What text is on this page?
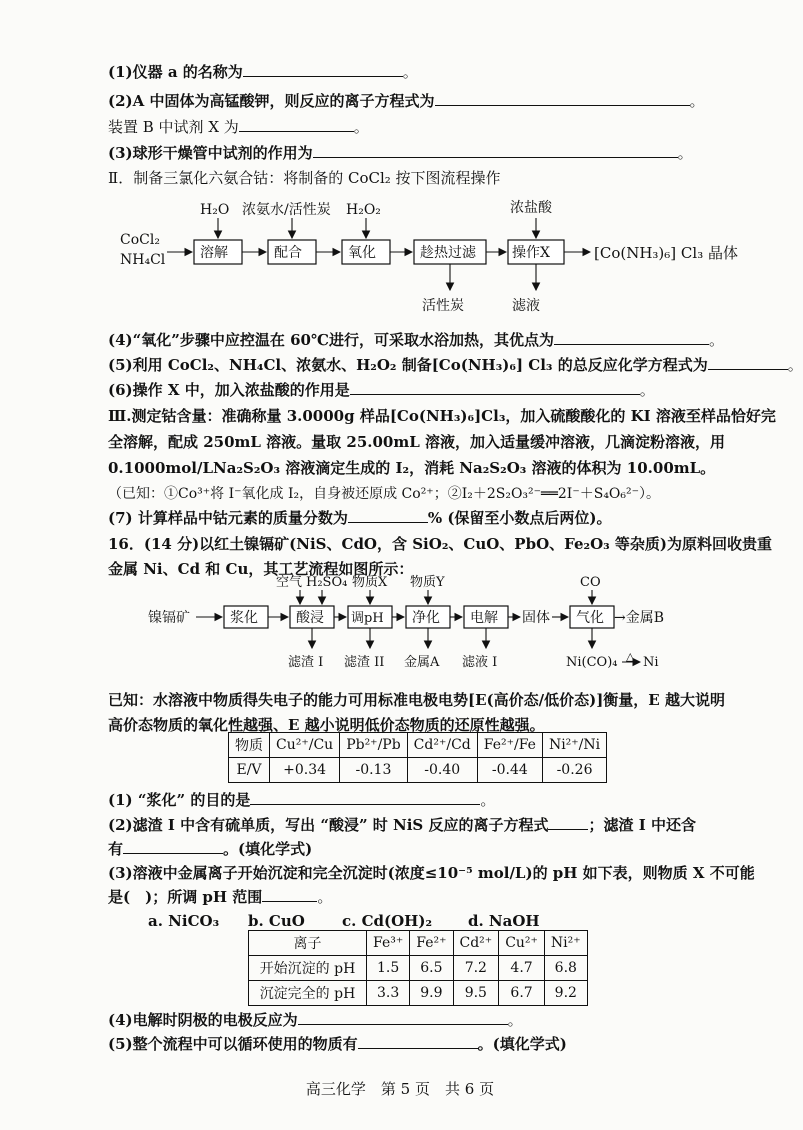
(1)仪器 a 的名称为	。
(2)A 中固体为高锰酸钾，则反应的离子方程式为	。
装置 B 中试剂 X 为	。
(3)球形干燥管中试剂的作用为	。
Ⅱ．制备三氯化六氨合钴：将制备的 CoCl₂ 按下图流程操作
CoCl₂
NH₄Cl 溶解	配合	氧化	趁热过滤	操作X	[Co(NH₃)₆] Cl₃ 晶体
H₂O 浓氨水/活性炭 H₂O₂	浓盐酸
活性炭	滤液
镍镉矿	浆化	酸浸 调pH 净化 电解 固体 气化 →金属B
空气 H₂SO₄ 物质X 物质Y	CO
滤渣 I 滤渣 II 金属A 滤液 I	Ni(CO)₄ △ Ni
(4)“氧化”步骤中应控温在 60℃进行，可采取水浴加热，其优点为	。
(5)利用 CoCl₂、NH₄Cl、浓氨水、H₂O₂ 制备[Co(NH₃)₆] Cl₃ 的总反应化学方程式为	。
(6)操作 X 中，加入浓盐酸的作用是	。
Ⅲ.测定钴含量：准确称量 3.0000g 样品[Co(NH₃)₆]Cl₃，加入硫酸酸化的 KI 溶液至样品恰好完
全溶解，配成 250mL 溶液。量取 25.00mL 溶液，加入适量缓冲溶液，几滴淀粉溶液，用
0.1000mol/LNa₂S₂O₃ 溶液滴定生成的 I₂，消耗 Na₂S₂O₃ 溶液的体积为 10.00mL。
（已知：①Co³⁺将 I⁻氧化成 I₂，自身被还原成 Co²⁺；②I₂＋2S₂O₃²⁻══2I⁻＋S₄O₆²⁻）。
(7) 计算样品中钴元素的质量分数为	% (保留至小数点后两位)。
16．(14 分)以红土镍镉矿(NiS、CdO，含 SiO₂、CuO、PbO、Fe₂O₃ 等杂质)为原料回收贵重
金属 Ni、Cd 和 Cu，其工艺流程如图所示：
已知：水溶液中物质得失电子的能力可用标准电极电势[E(高价态/低价态)]衡量，E 越大说明
高价态物质的氧化性越强、E 越小说明低价态物质的还原性越强。
物质	Cu²⁺/Cu	Pb²⁺/Pb	Cd²⁺/Cd	Fe²⁺/Fe	Ni²⁺/Ni
E/V	+0.34	-0.13	-0.40	-0.44	-0.26
(1) “浆化” 的目的是	。
(2)滤渣 I 中含有硫单质，写出 “酸浸” 时 NiS 反应的离子方程式	；滤渣 I 中还含
有	。(填化学式)
(3)溶液中金属离子开始沉淀和完全沉淀时(浓度≤10⁻⁵ mol/L)的 pH 如下表，则物质 X 不可能
是(　)；所调 pH 范围	。
a. NiCO₃ b. CuO c. Cd(OH)₂ d. NaOH
离子	Fe³⁺	Fe²⁺	Cd²⁺	Cu²⁺	Ni²⁺
开始沉淀的 pH	1.5	6.5	7.2	4.7	6.8
沉淀完全的 pH	3.3	9.9	9.5	6.7	9.2
(4)电解时阴极的电极反应为	。
(5)整个流程中可以循环使用的物质有	。(填化学式)
高三化学　第 5 页　共 6 页
